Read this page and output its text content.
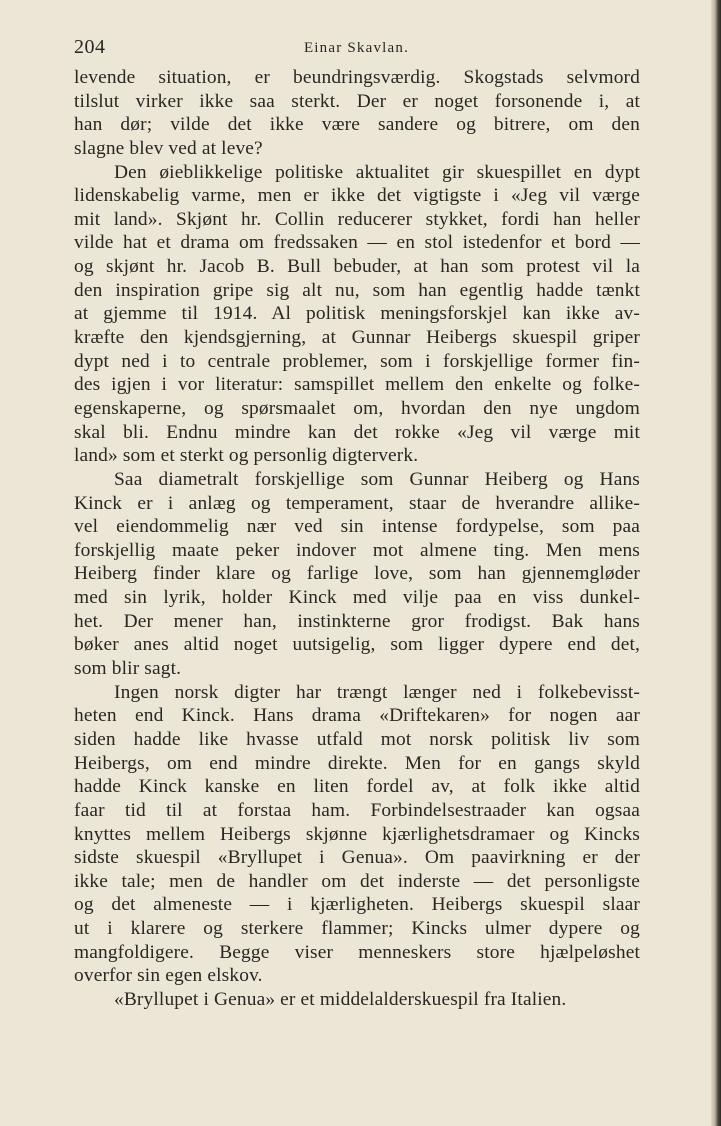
204	Einar Skavlan.
levende situation, er beundringsværdig. Skogstads selvmord
tilslut virker ikke saa sterkt. Der er noget forsonende i, at
han dør; vilde det ikke være sandere og bitrere, om den
slagne blev ved at leve?
Den øieblikkelige politiske aktualitet gir skuespillet en dypt
lidenskabelig varme, men er ikke det vigtigste i «Jeg vil værge
mit land». Skjønt hr. Collin reducerer stykket, fordi han heller
vilde hat et drama om fredssaken — en stol istedenfor et bord —
og skjønt hr. Jacob B. Bull bebuder, at han som protest vil la
den inspiration gripe sig alt nu, som han egentlig hadde tænkt
at gjemme til 1914. Al politisk meningsforskjel kan ikke av-
kræfte den kjendsgjerning, at Gunnar Heibergs skuespil griper
dypt ned i to centrale problemer, som i forskjellige former fin-
des igjen i vor literatur: samspillet mellem den enkelte og folke-
egenskaperne, og spørsmaalet om, hvordan den nye ungdom
skal bli. Endnu mindre kan det rokke «Jeg vil værge mit
land» som et sterkt og personlig digterverk.
Saa diametralt forskjellige som Gunnar Heiberg og Hans
Kinck er i anlæg og temperament, staar de hverandre allike-
vel eiendommelig nær ved sin intense fordypelse, som paa
forskjellig maate peker indover mot almene ting. Men mens
Heiberg finder klare og farlige love, som han gjennemgløder
med sin lyrik, holder Kinck med vilje paa en viss dunkel-
het. Der mener han, instinkterne gror frodigst. Bak hans
bøker anes altid noget uutsigelig, som ligger dypere end det,
som blir sagt.
Ingen norsk digter har trængt længer ned i folkebevisst-
heten end Kinck. Hans drama «Driftekaren» for nogen aar
siden hadde like hvasse utfald mot norsk politisk liv som
Heibergs, om end mindre direkte. Men for en gangs skyld
hadde Kinck kanske en liten fordel av, at folk ikke altid
faar tid til at forstaa ham. Forbindelsestraader kan ogsaa
knyttes mellem Heibergs skjønne kjærlighetsdramaer og Kincks
sidste skuespil «Bryllupet i Genua». Om paavirkning er der
ikke tale; men de handler om det inderste — det personligste
og det almeneste — i kjærligheten. Heibergs skuespil slaar
ut i klarere og sterkere flammer; Kincks ulmer dypere og
mangfoldigere. Begge viser menneskers store hjælpeløshet
overfor sin egen elskov.
«Bryllupet i Genua» er et middelalderskuespil fra Italien.
